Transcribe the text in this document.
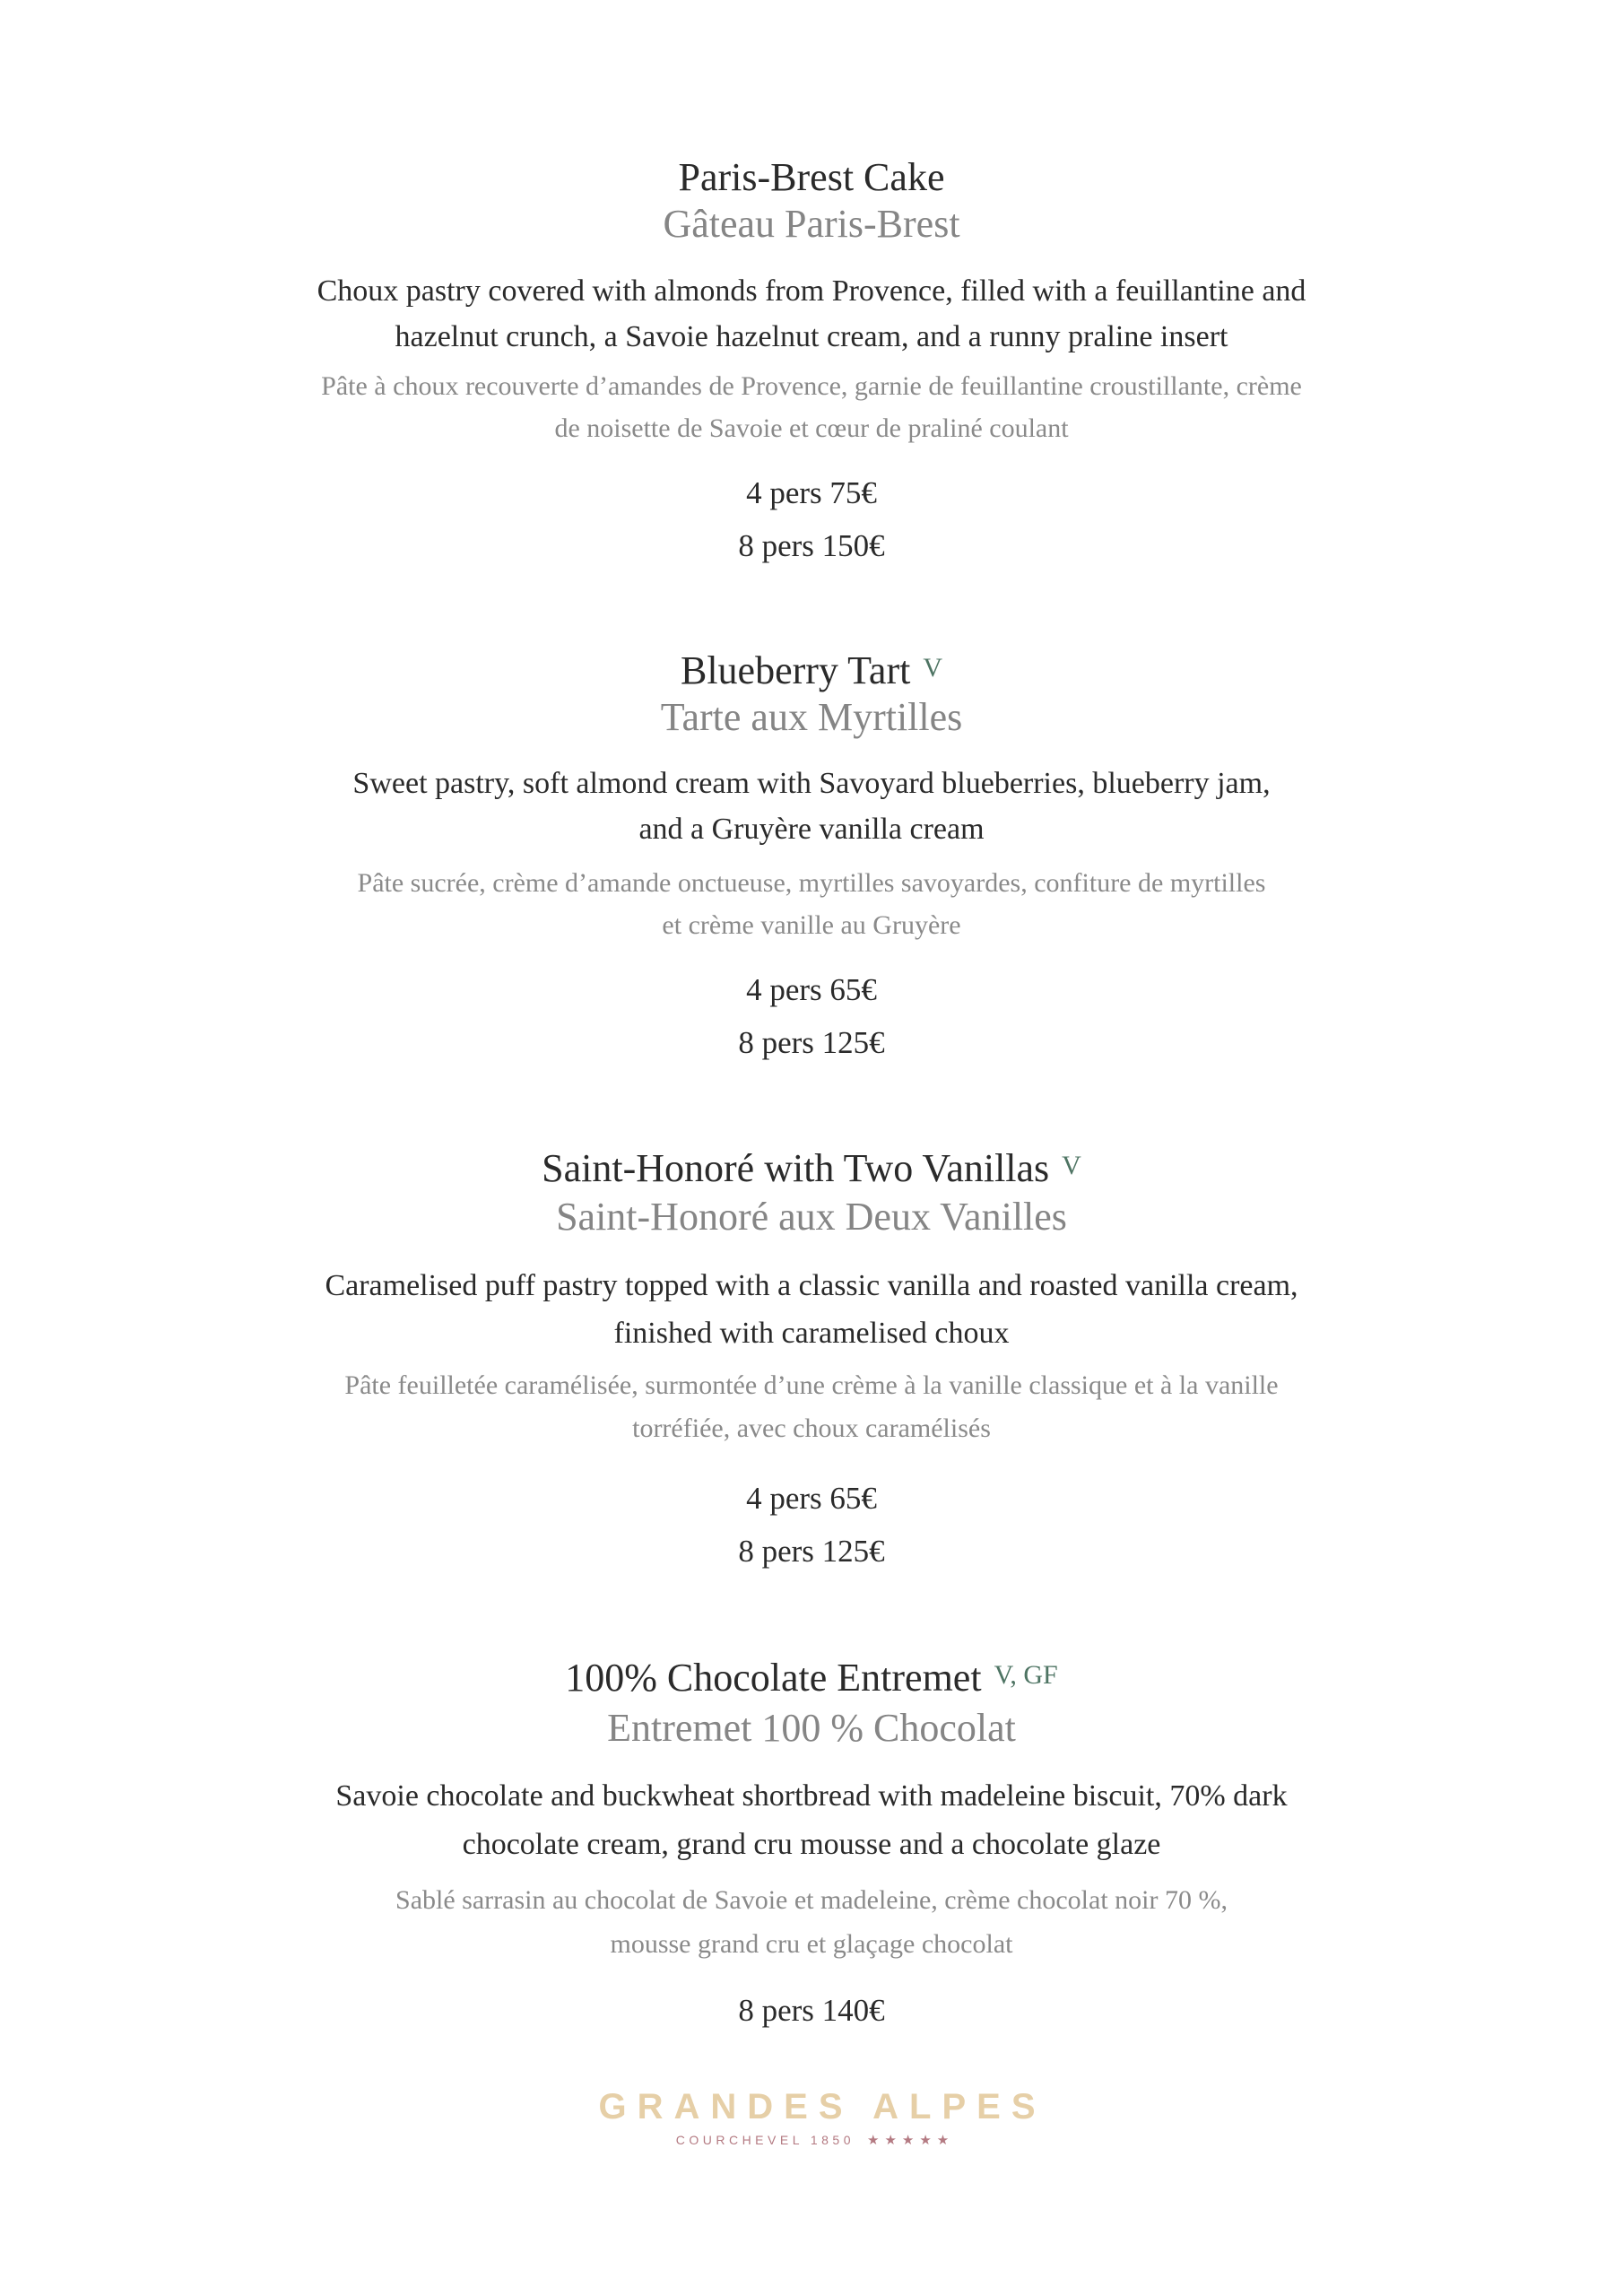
Paris-Brest Cake
Gâteau Paris-Brest
Choux pastry covered with almonds from Provence, filled with a feuillantine and
hazelnut crunch, a Savoie hazelnut cream, and a runny praline insert
Pâte à choux recouverte d’amandes de Provence, garnie de feuillantine croustillante, crème
de noisette de Savoie et cœur de praliné coulant
4 pers 75€
8 pers 150€
Blueberry Tart V
Tarte aux Myrtilles
Sweet pastry, soft almond cream with Savoyard blueberries, blueberry jam,
and a Gruyère vanilla cream
Pâte sucrée, crème d’amande onctueuse, myrtilles savoyardes, confiture de myrtilles
et crème vanille au Gruyère
4 pers 65€
8 pers 125€
Saint-Honoré with Two Vanillas V
Saint-Honoré aux Deux Vanilles
Caramelised puff pastry topped with a classic vanilla and roasted vanilla cream,
finished with caramelised choux
Pâte feuilletée caramélisée, surmontée d’une crème à la vanille classique et à la vanille
torréfiée, avec choux caramélisés
4 pers 65€
8 pers 125€
100% Chocolate Entremet V, GF
Entremet 100 % Chocolat
Savoie chocolate and buckwheat shortbread with madeleine biscuit, 70% dark
chocolate cream, grand cru mousse and a chocolate glaze
Sablé sarrasin au chocolat de Savoie et madeleine, crème chocolat noir 70 %,
mousse grand cru et glaçage chocolat
8 pers 140€
GRANDES ALPES
COURCHEVEL 1850 ★★★★★
